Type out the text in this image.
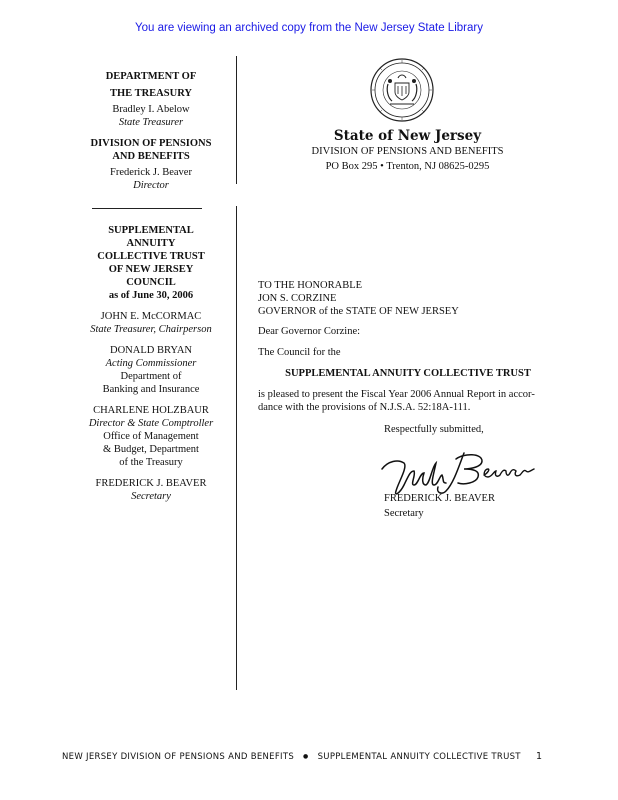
You are viewing an archived copy from the New Jersey State Library
DEPARTMENT OF
THE TREASURY
Bradley I. Abelow
State Treasurer
DIVISION OF PENSIONS
AND BENEFITS
Frederick J. Beaver
Director
SUPPLEMENTAL
ANNUITY
COLLECTIVE TRUST
OF NEW JERSEY
COUNCIL
as of June 30, 2006
JOHN E. McCORMAC
State Treasurer, Chairperson
DONALD BRYAN
Acting Commissioner
Department of
Banking and Insurance
CHARLENE HOLZBAUR
Director & State Comptroller
Office of Management
& Budget, Department
of the Treasury
FREDERICK J. BEAVER
Secretary
State of New Jersey
DIVISION OF PENSIONS AND BENEFITS
PO Box 295 • Trenton, NJ 08625-0295
TO THE HONORABLE
JON S. CORZINE
GOVERNOR of the STATE OF NEW JERSEY
Dear Governor Corzine:
The Council for the
SUPPLEMENTAL ANNUITY COLLECTIVE TRUST
is pleased to present the Fiscal Year 2006 Annual Report in accor-
dance with the provisions of N.J.S.A. 52:18A-111.
Respectfully submitted,
FREDERICK J. BEAVER
Secretary
NEW JERSEY DIVISION OF PENSIONS AND BENEFITS ● SUPPLEMENTAL ANNUITY COLLECTIVE TRUST	1
